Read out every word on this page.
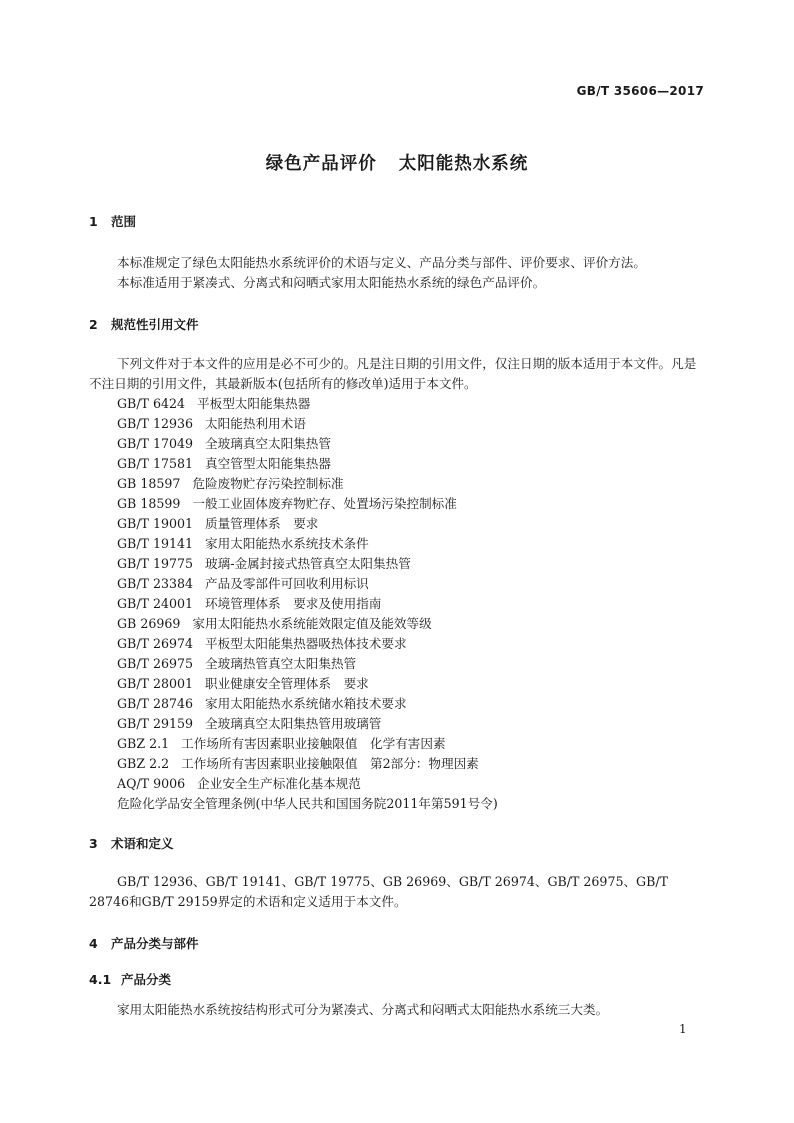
GB/T 35606—2017
绿色产品评价 太阳能热水系统
1 范围
本标准规定了绿色太阳能热水系统评价的术语与定义、产品分类与部件、评价要求、评价方法。
本标准适用于紧凑式、分离式和闷晒式家用太阳能热水系统的绿色产品评价。
2 规范性引用文件
下列文件对于本文件的应用是必不可少的。凡是注日期的引用文件，仅注日期的版本适用于本文件。凡是不注日期的引用文件，其最新版本(包括所有的修改单)适用于本文件。
GB/T 6424 平板型太阳能集热器
GB/T 12936 太阳能热利用术语
GB/T 17049 全玻璃真空太阳集热管
GB/T 17581 真空管型太阳能集热器
GB 18597 危险废物贮存污染控制标准
GB 18599 一般工业固体废弃物贮存、处置场污染控制标准
GB/T 19001 质量管理体系　要求
GB/T 19141 家用太阳能热水系统技术条件
GB/T 19775 玻璃-金属封接式热管真空太阳集热管
GB/T 23384 产品及零部件可回收利用标识
GB/T 24001 环境管理体系　要求及使用指南
GB 26969 家用太阳能热水系统能效限定值及能效等级
GB/T 26974 平板型太阳能集热器吸热体技术要求
GB/T 26975 全玻璃热管真空太阳集热管
GB/T 28001 职业健康安全管理体系　要求
GB/T 28746 家用太阳能热水系统储水箱技术要求
GB/T 29159 全玻璃真空太阳集热管用玻璃管
GBZ 2.1 工作场所有害因素职业接触限值　化学有害因素
GBZ 2.2 工作场所有害因素职业接触限值　第2部分：物理因素
AQ/T 9006 企业安全生产标准化基本规范
危险化学品安全管理条例(中华人民共和国国务院2011年第591号令)
3 术语和定义
GB/T 12936、GB/T 19141、GB/T 19775、GB 26969、GB/T 26974、GB/T 26975、GB/T 28746和GB/T 29159界定的术语和定义适用于本文件。
4 产品分类与部件
4.1 产品分类
家用太阳能热水系统按结构形式可分为紧凑式、分离式和闷晒式太阳能热水系统三大类。
1
